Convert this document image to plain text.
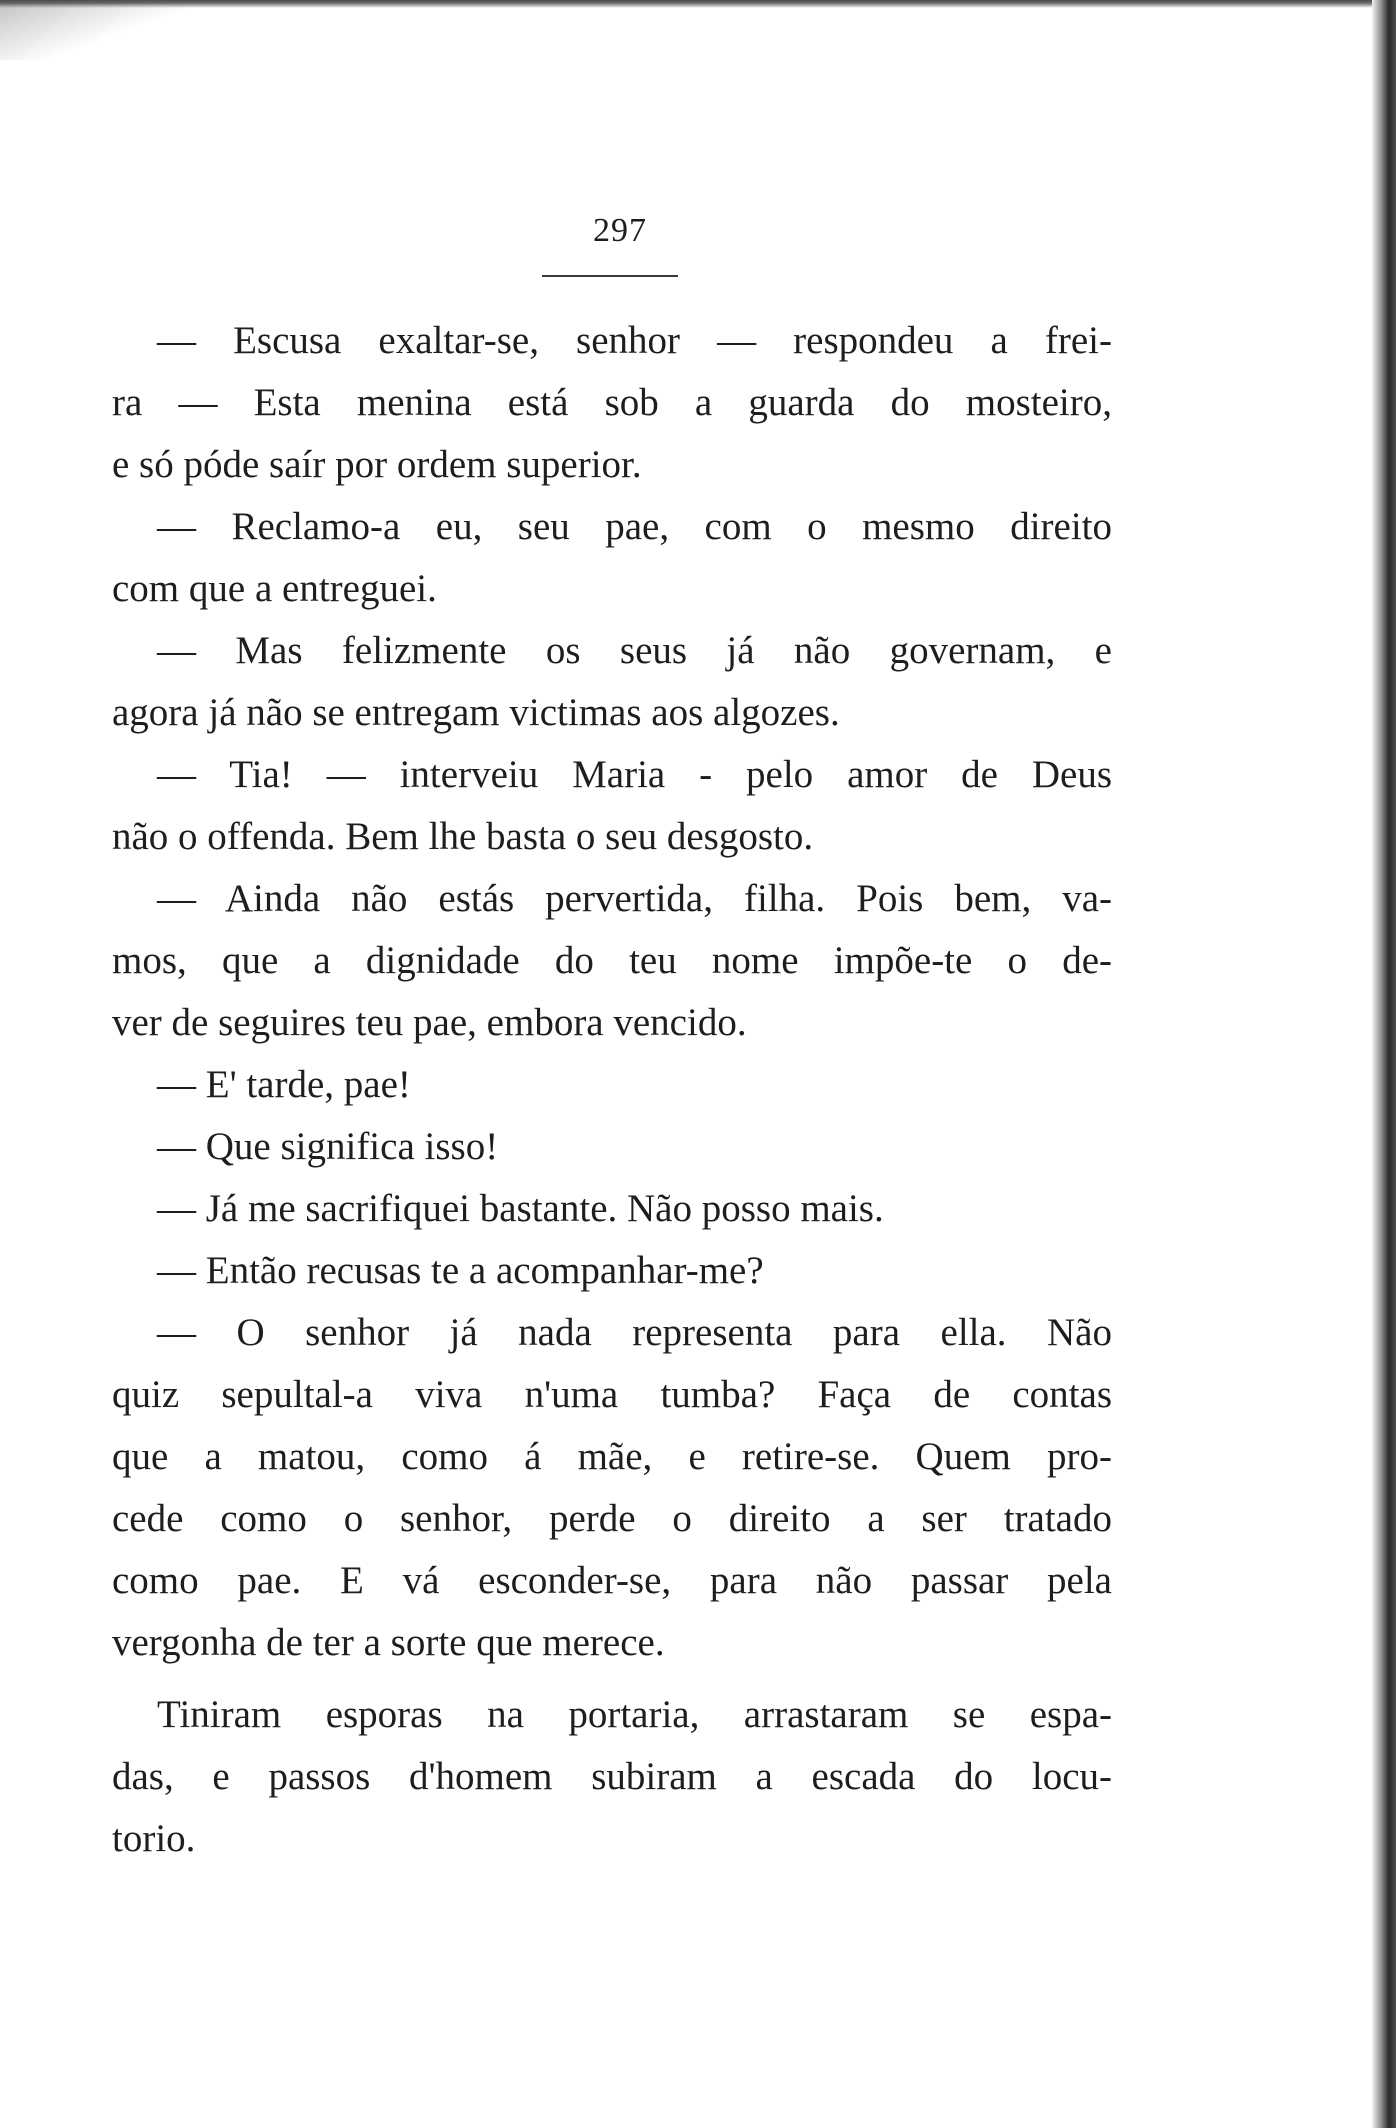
297
— Escusa exaltar-se, senhor — respondeu a frei-
ra — Esta menina está sob a guarda do mosteiro,
e só póde saír por ordem superior.
— Reclamo-a eu, seu pae, com o mesmo direito
com que a entreguei.
— Mas felizmente os seus já não governam, e
agora já não se entregam victimas aos algozes.
— Tia! — interveiu Maria - pelo amor de Deus
não o offenda. Bem lhe basta o seu desgosto.
— Ainda não estás pervertida, filha. Pois bem, va-
mos, que a dignidade do teu nome impõe-te o de-
ver de seguires teu pae, embora vencido.
— E' tarde, pae!
— Que significa isso!
— Já me sacrifiquei bastante. Não posso mais.
— Então recusas te a acompanhar-me?
— O senhor já nada representa para ella. Não
quiz sepultal-a viva n'uma tumba? Faça de contas
que a matou, como á mãe, e retire-se. Quem pro-
cede como o senhor, perde o direito a ser tratado
como pae. E vá esconder-se, para não passar pela
vergonha de ter a sorte que merece.
Tiniram esporas na portaria, arrastaram se espa-
das, e passos d'homem subiram a escada do locu-
torio.
